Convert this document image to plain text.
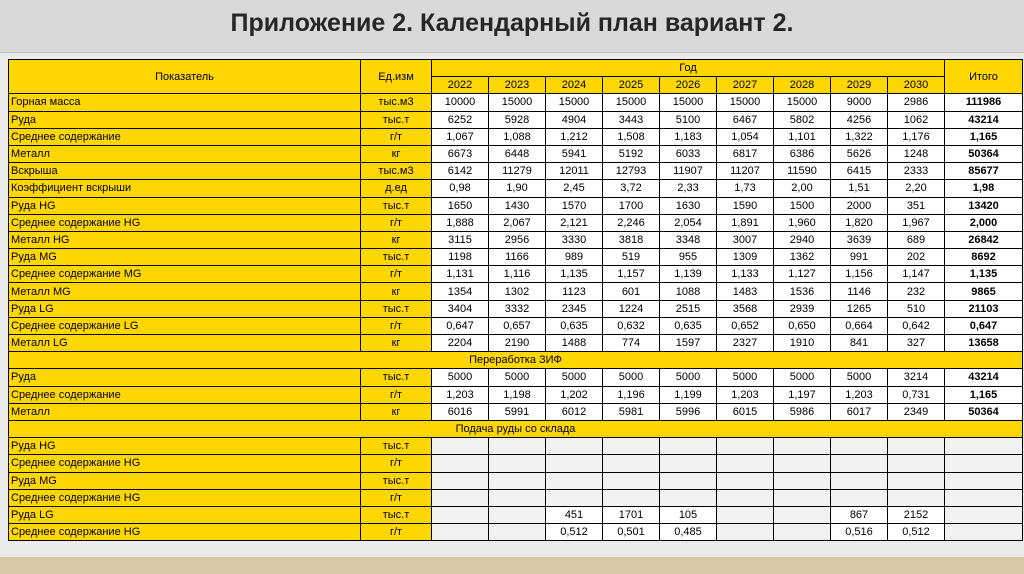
Приложение 2. Календарный план вариант 2.
Показатель	Ед.изм	Год									Итого
		2022	2023	2024	2025	2026	2027	2028	2029	2030	
Горная масса	тыс.м3	10000	15000	15000	15000	15000	15000	15000	9000	2986	111986
Руда	тыс.т	6252	5928	4904	3443	5100	6467	5802	4256	1062	43214
Среднее содержание	г/т	1,067	1,088	1,212	1,508	1,183	1,054	1,101	1,322	1,176	1,165
Металл	кг	6673	6448	5941	5192	6033	6817	6386	5626	1248	50364
Вскрыша	тыс.м3	6142	11279	12011	12793	11907	11207	11590	6415	2333	85677
Коэффициент вскрыши	д.ед	0,98	1,90	2,45	3,72	2,33	1,73	2,00	1,51	2,20	1,98
Руда HG	тыс.т	1650	1430	1570	1700	1630	1590	1500	2000	351	13420
Среднее содержание HG	г/т	1,888	2,067	2,121	2,246	2,054	1,891	1,960	1,820	1,967	2,000
Металл HG	кг	3115	2956	3330	3818	3348	3007	2940	3639	689	26842
Руда MG	тыс.т	1198	1166	989	519	955	1309	1362	991	202	8692
Среднее содержание MG	г/т	1,131	1,116	1,135	1,157	1,139	1,133	1,127	1,156	1,147	1,135
Металл MG	кг	1354	1302	1123	601	1088	1483	1536	1146	232	9865
Руда LG	тыс.т	3404	3332	2345	1224	2515	3568	2939	1265	510	21103
Среднее содержание LG	г/т	0,647	0,657	0,635	0,632	0,635	0,652	0,650	0,664	0,642	0,647
Металл LG	кг	2204	2190	1488	774	1597	2327	1910	841	327	13658
Переработка ЗИФ											
Руда	тыс.т	5000	5000	5000	5000	5000	5000	5000	5000	3214	43214
Среднее содержание	г/т	1,203	1,198	1,202	1,196	1,199	1,203	1,197	1,203	0,731	1,165
Металл	кг	6016	5991	6012	5981	5996	6015	5986	6017	2349	50364
Подача руды со склада											
Руда HG	тыс.т										
Среднее содержание HG	г/т										
Руда MG	тыс.т										
Среднее содержание HG	г/т										
Руда LG	тыс.т			451	1701	105			867	2152	
Среднее содержание HG	г/т			0,512	0,501	0,485			0,516	0,512	
